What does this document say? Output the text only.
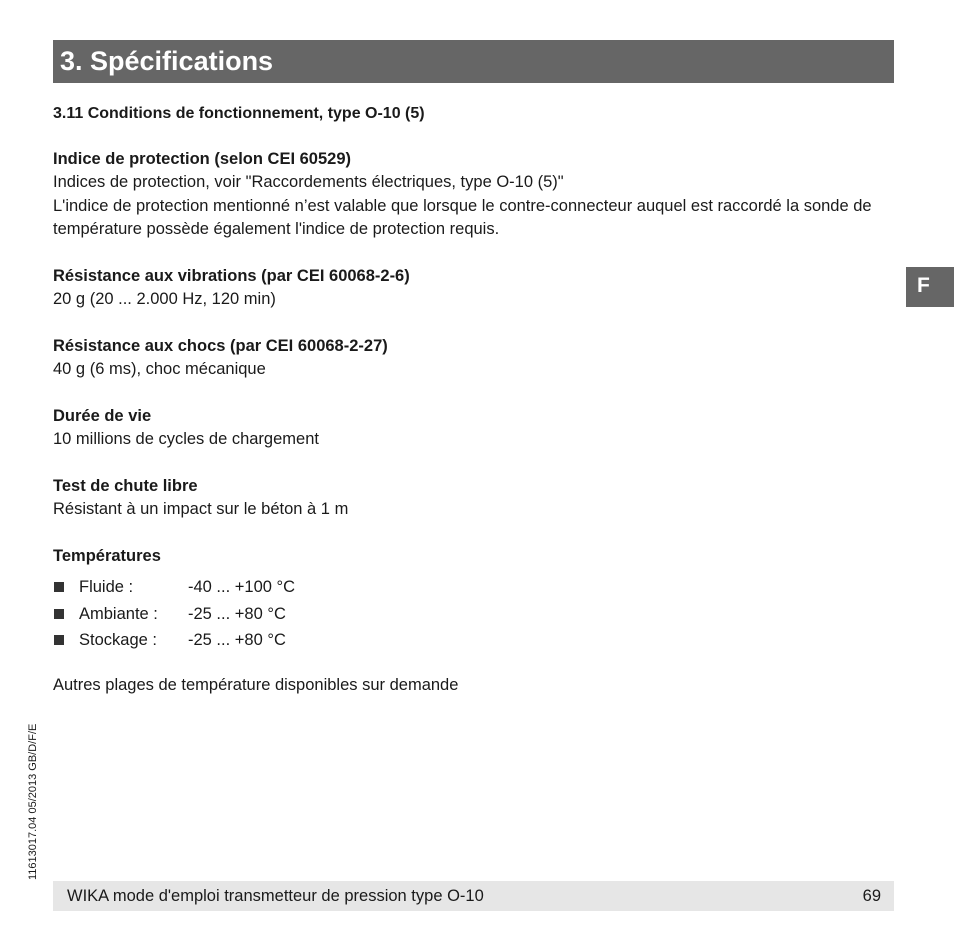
3. Spécifications
3.11 Conditions de fonctionnement, type O-10 (5)
Indice de protection (selon CEI 60529)
Indices de protection, voir "Raccordements électriques, type O-10 (5)"
L'indice de protection mentionné n’est valable que lorsque le contre-connecteur auquel est raccordé la sonde de température possède également l'indice de protection requis.
Résistance aux vibrations (par CEI 60068-2-6)
20 g (20 ... 2.000 Hz, 120 min)
Résistance aux chocs (par CEI 60068-2-27)
40 g (6 ms), choc mécanique
Durée de vie
10 millions de cycles de chargement
Test de chute libre
Résistant à un impact sur le béton à 1 m
Températures
Fluide :	-40 ... +100 °C
Ambiante : -25 ... +80 °C
Stockage : -25 ... +80 °C
Autres plages de température disponibles sur demande
F
11613017.04 05/2013 GB/D/F/E
WIKA mode d'emploi transmetteur de pression type O-10	69
